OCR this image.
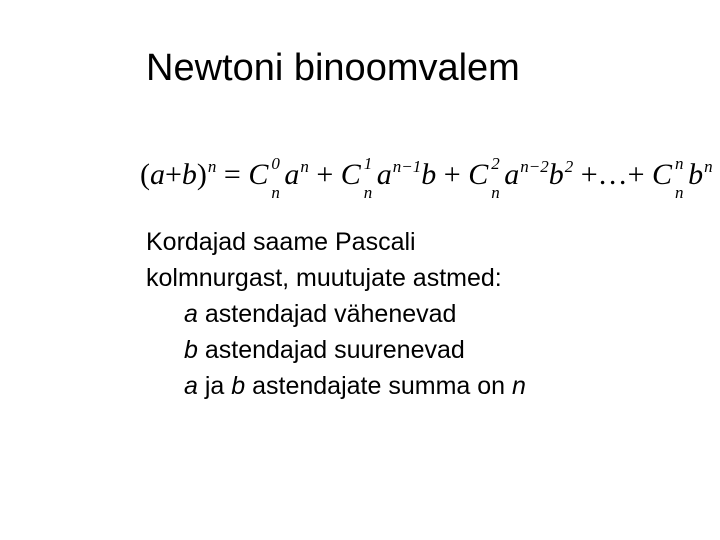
Newtoni binoomvalem
$(a+b)^n = C$ 0
n
$a^n + C$ 1
n
$a^{n-1}b + C$ 2
n
$a^{n-2}b^2$ +…+ C n
n
$b^n$
Kordajad saame Pascali
kolmnurgast, muutujate astmed:
a astendajad vähenevad
b astendajad suurenevad
a ja b astendajate summa on n
